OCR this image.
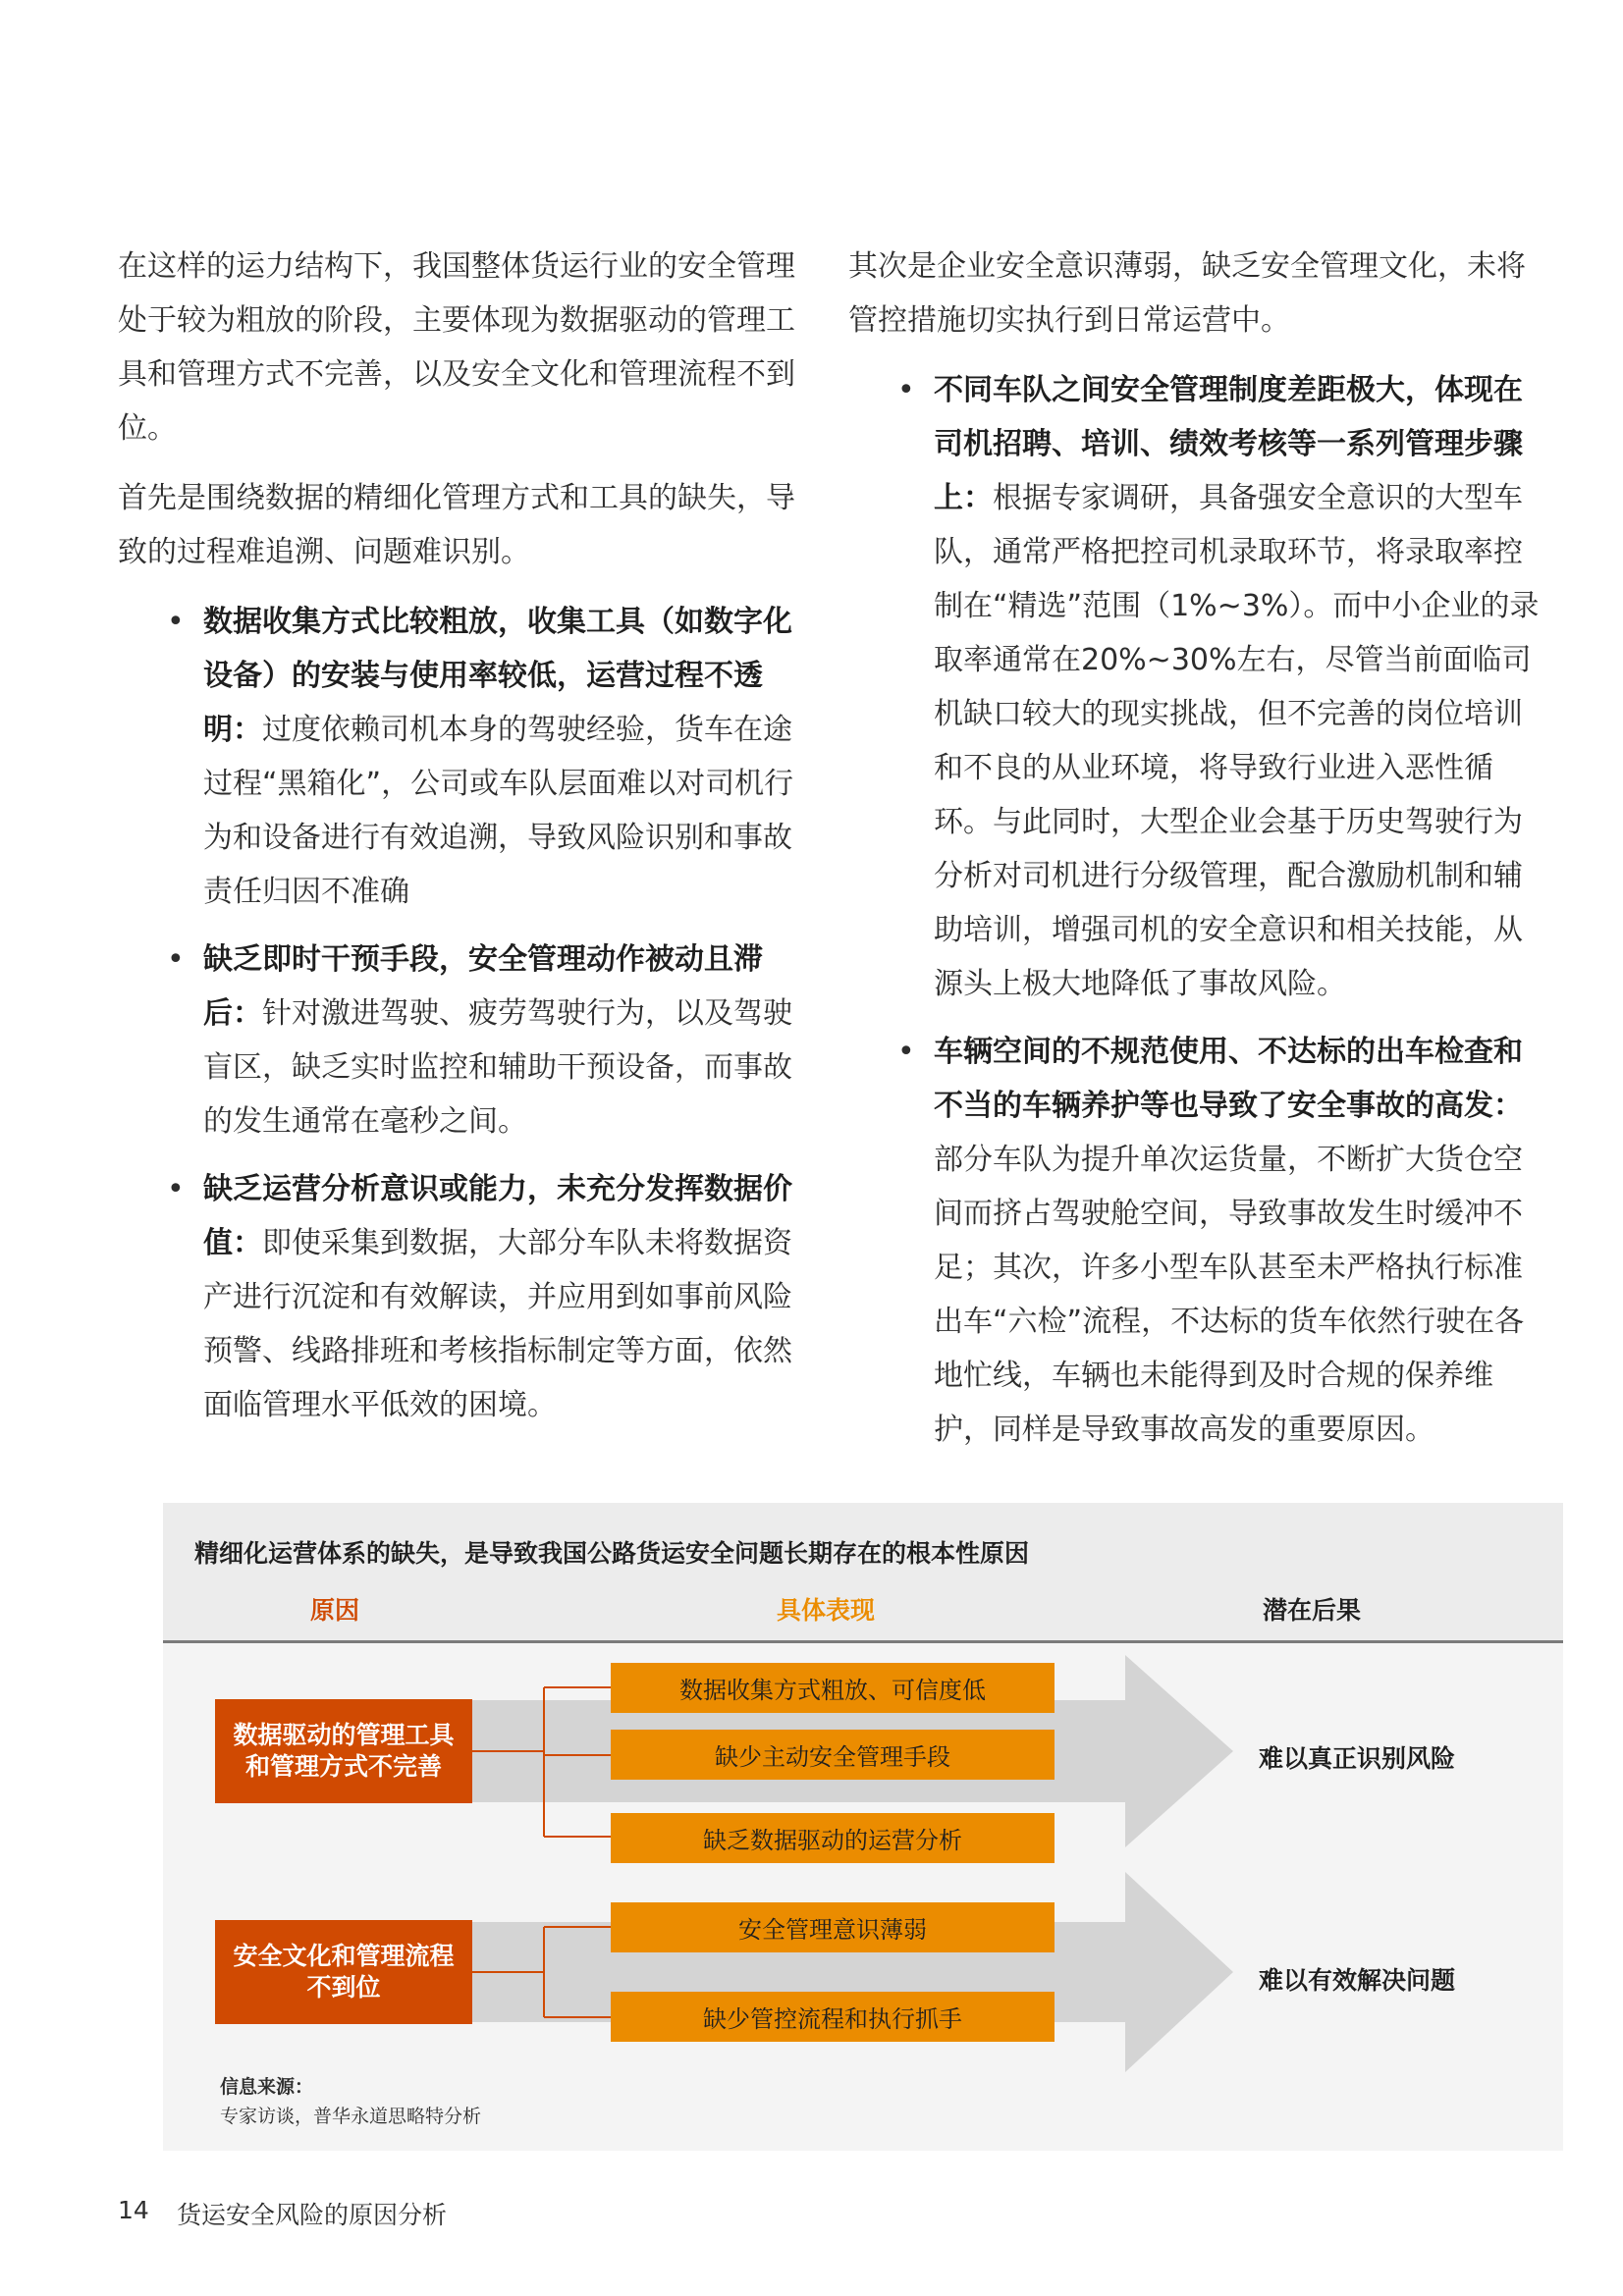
在这样的运力结构下，我国整体货运行业的安全管理处于较为粗放的阶段，主要体现为数据驱动的管理工具和管理方式不完善，以及安全文化和管理流程不到位。

首先是围绕数据的精细化管理方式和工具的缺失，导致的过程难追溯、问题难识别。

• 数据收集方式比较粗放，收集工具（如数字化设备）的安装与使用率较低，运营过程不透明：过度依赖司机本身的驾驶经验，货车在途过程“黑箱化”，公司或车队层面难以对司机行为和设备进行有效追溯，导致风险识别和事故责任归因不准确
• 缺乏即时干预手段，安全管理动作被动且滞后：针对激进驾驶、疲劳驾驶行为，以及驾驶盲区，缺乏实时监控和辅助干预设备，而事故的发生通常在毫秒之间。
• 缺乏运营分析意识或能力，未充分发挥数据价值：即使采集到数据，大部分车队未将数据资产进行沉淀和有效解读，并应用到如事前风险预警、线路排班和考核指标制定等方面，依然面临管理水平低效的困境。

其次是企业安全意识薄弱，缺乏安全管理文化，未将管控措施切实执行到日常运营中。

• 不同车队之间安全管理制度差距极大，体现在司机招聘、培训、绩效考核等一系列管理步骤上：根据专家调研，具备强安全意识的大型车队，通常严格把控司机录取环节，将录取率控制在“精选”范围（1%~3%）。而中小企业的录取率通常在20%~30%左右，尽管当前面临司机缺口较大的现实挑战，但不完善的岗位培训和不良的从业环境，将导致行业进入恶性循环。与此同时，大型企业会基于历史驾驶行为分析对司机进行分级管理，配合激励机制和辅助培训，增强司机的安全意识和相关技能，从源头上极大地降低了事故风险。
• 车辆空间的不规范使用、不达标的出车检查和不当的车辆养护等也导致了安全事故的高发：部分车队为提升单次运货量，不断扩大货仓空间而挤占驾驶舱空间，导致事故发生时缓冲不足；其次，许多小型车队甚至未严格执行标准出车“六检”流程，不达标的货车依然行驶在各地忙线，车辆也未能得到及时合规的保养维护，同样是导致事故高发的重要原因。
精细化运营体系的缺失，是导致我国公路货运安全问题长期存在的根本性原因
原因	具体表现	潜在后果
数据驱动的管理工具和管理方式不完善
安全文化和管理流程不到位
数据收集方式粗放、可信度低
缺少主动安全管理手段
缺乏数据驱动的运营分析
安全管理意识薄弱
缺少管控流程和执行抓手
难以真正识别风险
难以有效解决问题
信息来源：
专家访谈，普华永道思略特分析
14 货运安全风险的原因分析
